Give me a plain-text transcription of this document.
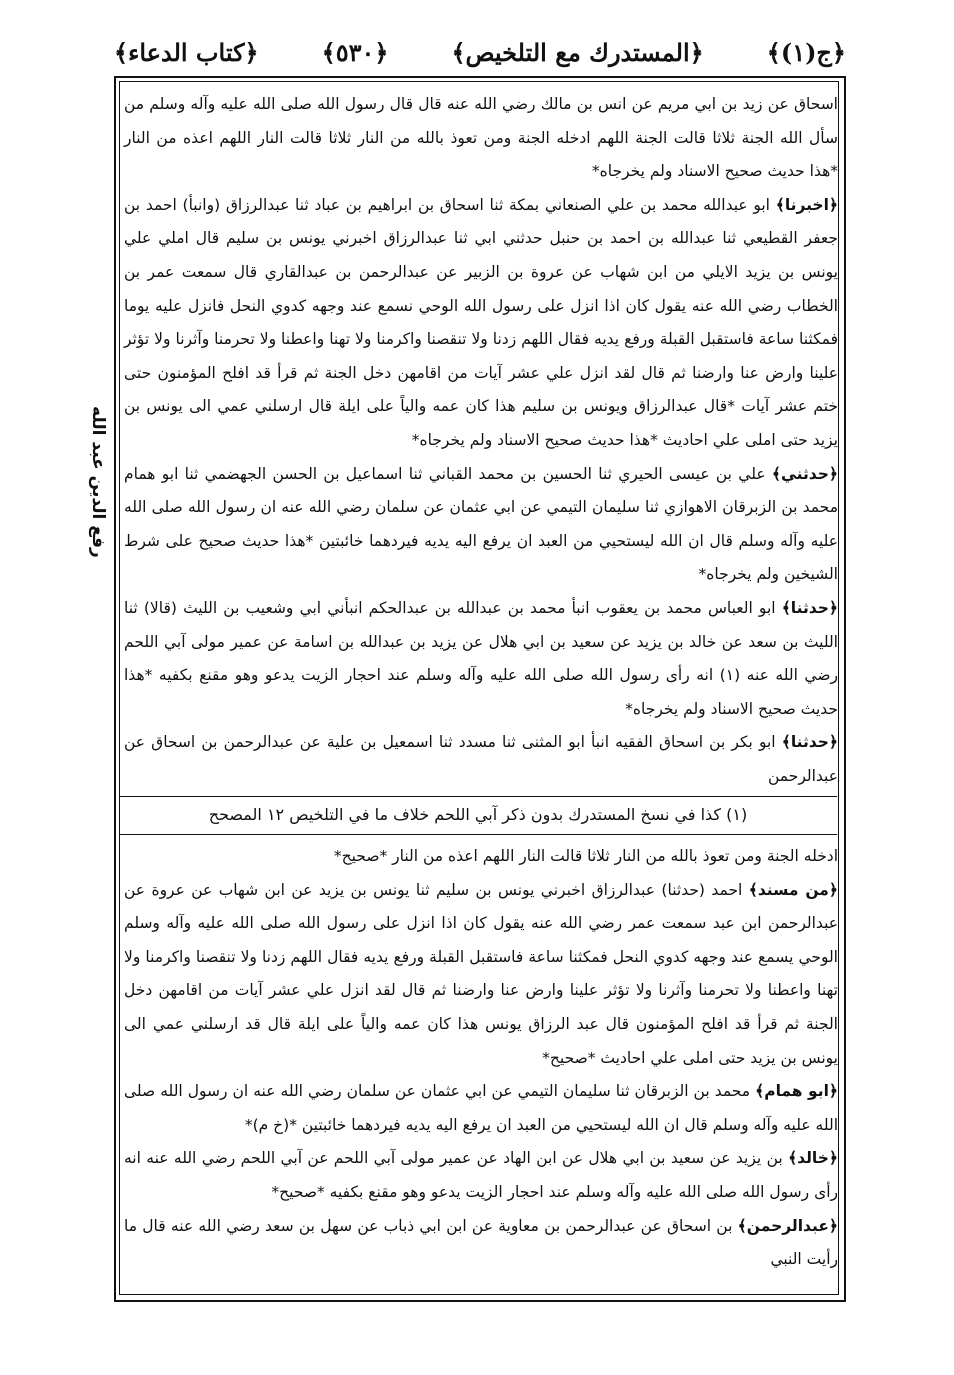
﴿ج(١)﴾
﴿المستدرك مع التلخيص﴾
﴿٥٣٠﴾
﴿كتاب الدعاء﴾
رفع الدين عبد الله

اسحاق عن زيد بن ابي مريم عن انس بن مالك رضي الله عنه قال قال رسول الله صلى الله عليه وآله وسلم من سأل الله الجنة ثلاثا قالت الجنة اللهم ادخله الجنة ومن تعوذ بالله من النار ثلاثا قالت النار اللهم اعذه من النار *هذا حديث صحيح الاسناد ولم يخرجاه*

﴿اخبرنا﴾ ابو عبدالله محمد بن علي الصنعاني بمكة ثنا اسحاق بن ابراهيم بن عباد ثنا عبدالرزاق (وانبأ) احمد بن جعفر القطيعي ثنا عبدالله بن احمد بن حنبل حدثني ابي ثنا عبدالرزاق اخبرني يونس بن سليم قال املي علي يونس بن يزيد الايلي من ابن شهاب عن عروة بن الزبير عن عبدالرحمن بن عبدالقاري قال سمعت عمر بن الخطاب رضي الله عنه يقول كان اذا انزل على رسول الله الوحي نسمع عند وجهه كدوي النحل فانزل عليه يوما فمكثنا ساعة فاستقبل القبلة ورفع يديه فقال اللهم زدنا ولا تنقصنا واكرمنا ولا تهنا واعطنا ولا تحرمنا وآثرنا ولا تؤثر علينا وارض عنا وارضنا ثم قال لقد انزل علي عشر آيات من اقامهن دخل الجنة ثم قرأ قد افلح المؤمنون حتى ختم عشر آيات *قال عبدالرزاق ويونس بن سليم هذا كان عمه والياً على ايلة قال ارسلني عمي الى يونس بن يزيد حتى املى علي احاديث *هذا حديث صحيح الاسناد ولم يخرجاه*

﴿حدثني﴾ علي بن عيسى الحيري ثنا الحسين بن محمد القباني ثنا اسماعيل بن الحسن الجهضمي ثنا ابو همام محمد بن الزبرقان الاهوازي ثنا سليمان التيمي عن ابي عثمان عن سلمان رضي الله عنه ان رسول الله صلى الله عليه وآله وسلم قال ان الله ليستحيي من العبد ان يرفع اليه يديه فيردهما خائبتين *هذا حديث صحيح على شرط الشيخين ولم يخرجاه*

﴿حدثنا﴾ ابو العباس محمد بن يعقوب انبأ محمد بن عبدالله بن عبدالحكم انبأني ابي وشعيب بن الليث (قالا) ثنا الليث بن سعد عن خالد بن يزيد عن سعيد بن ابي هلال عن يزيد بن عبدالله بن اسامة عن عمير مولى آبي اللحم رضي الله عنه (١) انه رأى رسول الله صلى الله عليه وآله وسلم عند احجار الزيت يدعو وهو مقنع بكفيه *هذا حديث صحيح الاسناد ولم يخرجاه*

﴿حدثنا﴾ ابو بكر بن اسحاق الفقيه انبأ ابو المثنى ثنا مسدد ثنا اسمعيل بن علية عن عبدالرحمن بن اسحاق عن عبدالرحمن

(١) كذا في نسخ المستدرك بدون ذكر آبي اللحم خلاف ما في التلخيص ١٢ المصحح

ادخله الجنة ومن تعوذ بالله من النار ثلاثا قالت النار اللهم اعذه من النار *صحيح*

﴿من مسند﴾ احمد (حدثنا) عبدالرزاق اخبرني يونس بن سليم ثنا يونس بن يزيد عن ابن شهاب عن عروة عن عبدالرحمن ابن عبد سمعت عمر رضي الله عنه يقول كان اذا انزل على رسول الله صلى الله عليه وآله وسلم الوحي يسمع عند وجهه كدوي النحل فمكثنا ساعة فاستقبل القبلة ورفع يديه فقال اللهم زدنا ولا تنقصنا واكرمنا ولا تهنا واعطنا ولا تحرمنا وآثرنا ولا تؤثر علينا وارض عنا وارضنا ثم قال لقد انزل علي عشر آيات من اقامهن دخل الجنة ثم قرأ قد افلح المؤمنون قال عبد الرزاق يونس هذا كان عمه والياً على ايلة قال قد ارسلني عمي الى يونس بن يزيد حتى املى علي احاديث *صحيح*

﴿ابو همام﴾ محمد بن الزبرقان ثنا سليمان التيمي عن ابي عثمان عن سلمان رضي الله عنه ان رسول الله صلى الله عليه وآله وسلم قال ان الله ليستحيي من العبد ان يرفع اليه يديه فيردهما خائبتين *(خ م)*

﴿خالد﴾ بن يزيد عن سعيد بن ابي هلال عن ابن الهاد عن عمير مولى آبي اللحم عن آبي اللحم رضي الله عنه انه رأى رسول الله صلى الله عليه وآله وسلم عند احجار الزيت يدعو وهو مقنع بكفيه *صحيح*

﴿عبدالرحمن﴾ بن اسحاق عن عبدالرحمن بن معاوية عن ابن ابي ذباب عن سهل بن سعد رضي الله عنه قال ما رأيت النبي
